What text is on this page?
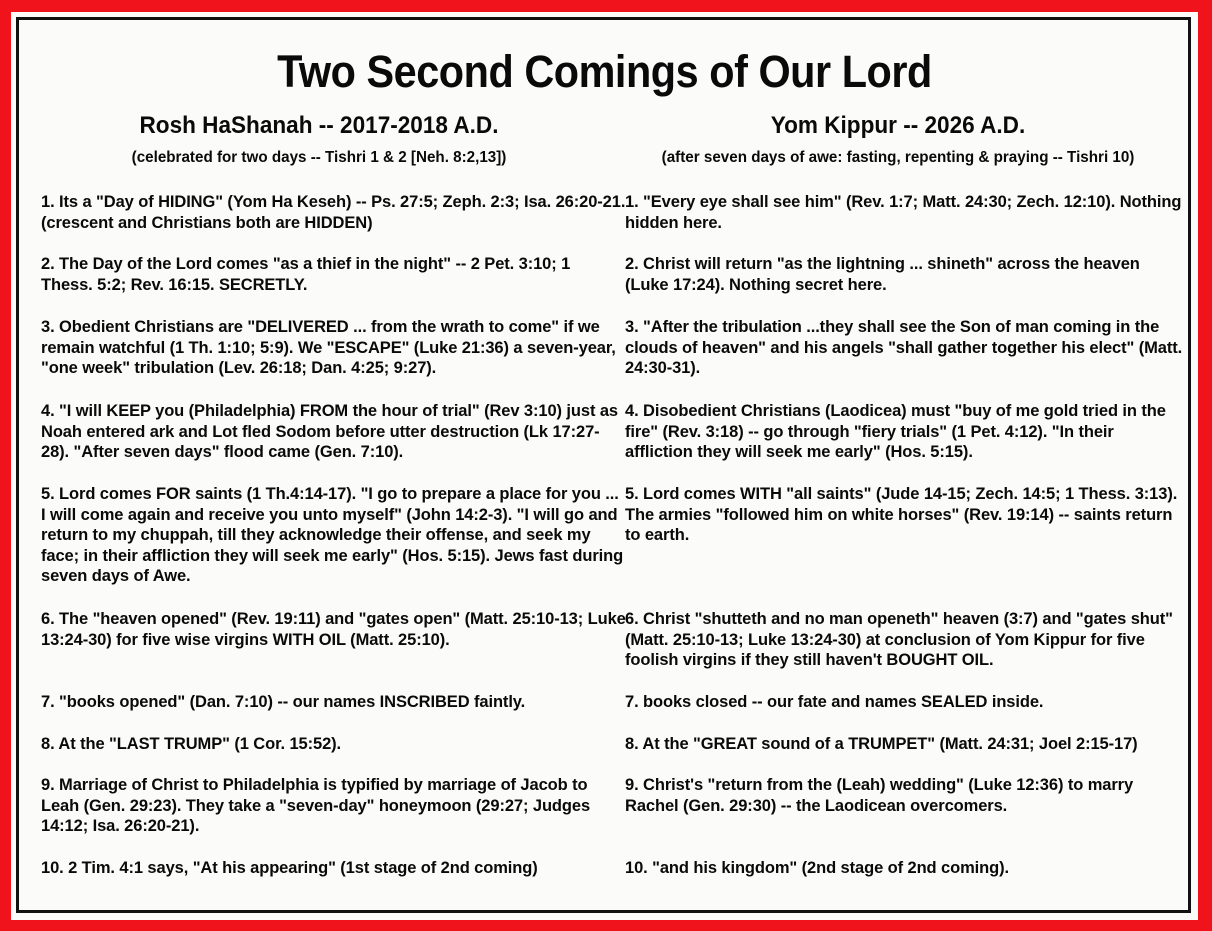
Two Second Comings of Our Lord
Rosh HaShanah -- 2017-2018 A.D.
(celebrated for two days -- Tishri 1 & 2 [Neh. 8:2,13])
1. Its a "Day of HIDING" (Yom Ha Keseh) -- Ps. 27:5; Zeph. 2:3; Isa. 26:20-21. (crescent and Christians both are HIDDEN)
2. The Day of the Lord comes "as a thief in the night" -- 2 Pet. 3:10; 1 Thess. 5:2; Rev. 16:15. SECRETLY.
3. Obedient Christians are "DELIVERED ... from the wrath to come" if we remain watchful (1 Th. 1:10; 5:9). We "ESCAPE" (Luke 21:36) a seven-year, "one week" tribulation (Lev. 26:18; Dan. 4:25; 9:27).
4. "I will KEEP you (Philadelphia) FROM the hour of trial" (Rev 3:10) just as Noah entered ark and Lot fled Sodom before utter destruction (Lk 17:27-28). "After seven days" flood came (Gen. 7:10).
5. Lord comes FOR saints (1 Th.4:14-17). "I go to prepare a place for you ... I will come again and receive you unto myself" (John 14:2-3). "I will go and return to my chuppah, till they acknowledge their offense, and seek my face; in their affliction they will seek me early" (Hos. 5:15). Jews fast during seven days of Awe.
6. The "heaven opened" (Rev. 19:11) and "gates open" (Matt. 25:10-13; Luke 13:24-30) for five wise virgins WITH OIL (Matt. 25:10).
7. "books opened" (Dan. 7:10) -- our names INSCRIBED faintly.
8. At the "LAST TRUMP" (1 Cor. 15:52).
9. Marriage of Christ to Philadelphia is typified by marriage of Jacob to Leah (Gen. 29:23). They take a "seven-day" honeymoon (29:27; Judges 14:12; Isa. 26:20-21).
10. 2 Tim. 4:1 says, "At his appearing" (1st stage of 2nd coming)
Yom Kippur -- 2026 A.D.
(after seven days of awe: fasting, repenting & praying -- Tishri 10)
1. "Every eye shall see him" (Rev. 1:7; Matt. 24:30; Zech. 12:10). Nothing hidden here.
2. Christ will return "as the lightning ... shineth" across the heaven (Luke 17:24). Nothing secret here.
3. "After the tribulation ...they shall see the Son of man coming in the clouds of heaven" and his angels "shall gather together his elect" (Matt. 24:30-31).
4. Disobedient Christians (Laodicea) must "buy of me gold tried in the fire" (Rev. 3:18) -- go through "fiery trials" (1 Pet. 4:12). "In their affliction they will seek me early" (Hos. 5:15).
5. Lord comes WITH "all saints" (Jude 14-15; Zech. 14:5; 1 Thess. 3:13). The armies "followed him on white horses" (Rev. 19:14) -- saints return to earth.
6. Christ "shutteth and no man openeth" heaven (3:7) and "gates shut" (Matt. 25:10-13; Luke 13:24-30) at conclusion of Yom Kippur for five foolish virgins if they still haven't BOUGHT OIL.
7. books closed -- our fate and names SEALED inside.
8. At the "GREAT sound of a TRUMPET" (Matt. 24:31; Joel 2:15-17)
9. Christ's "return from the (Leah) wedding" (Luke 12:36) to marry Rachel (Gen. 29:30) -- the Laodicean overcomers.
10. "and his kingdom" (2nd stage of 2nd coming).
